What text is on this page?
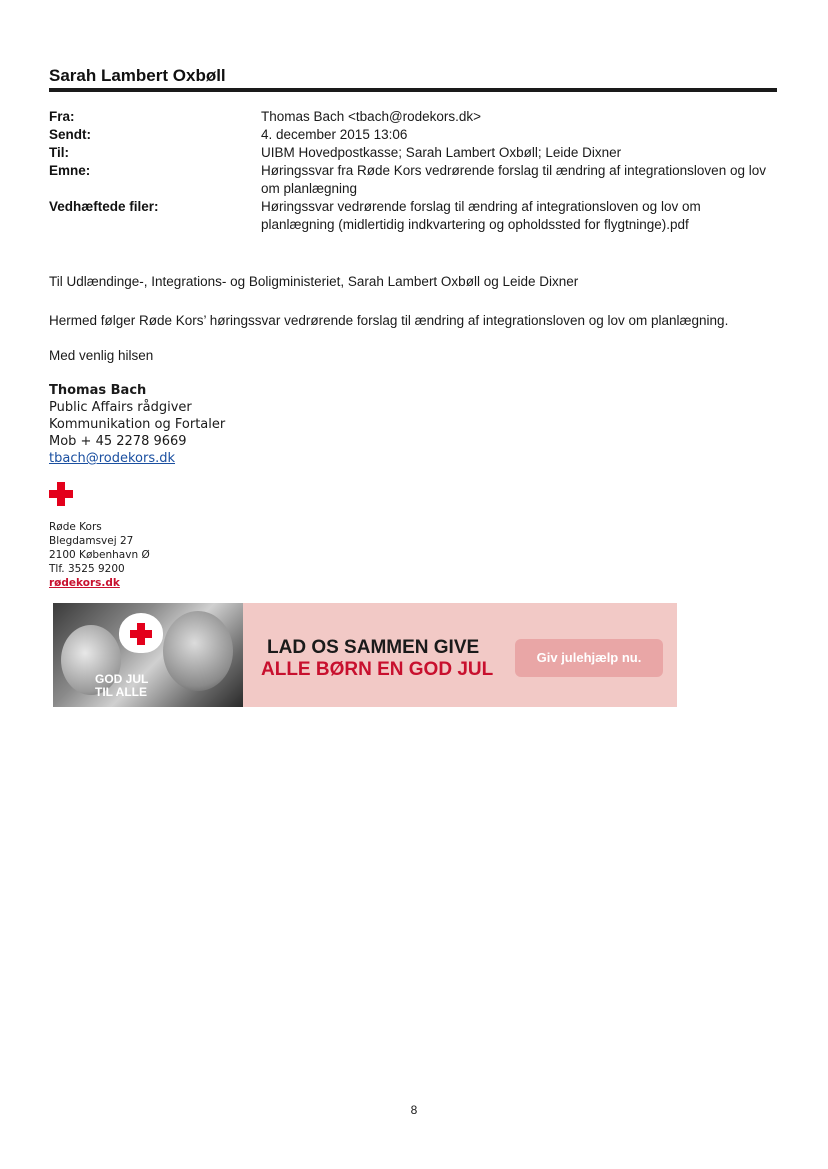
Sarah Lambert Oxbøll
Fra:	Thomas Bach <tbach@rodekors.dk>
Sendt:	4. december 2015 13:06
Til:	UIBM Hovedpostkasse; Sarah Lambert Oxbøll; Leide Dixner
Emne:	Høringssvar fra Røde Kors vedrørende forslag til ændring af integrationsloven og lov om planlægning
Vedhæftede filer:	Høringssvar vedrørende forslag til ændring af integrationsloven og lov om planlægning (midlertidig indkvartering og opholdssted for flygtninge).pdf
Til Udlændinge-, Integrations- og Boligministeriet, Sarah Lambert Oxbøll og Leide Dixner
Hermed følger Røde Kors’ høringssvar vedrørende forslag til ændring af integrationsloven og lov om planlægning.
Med venlig hilsen
Thomas Bach
Public Affairs rådgiver
Kommunikation og Fortaler
Mob + 45 2278 9669
tbach@rodekors.dk
Røde Kors
Blegdamsvej 27
2100 København Ø
Tlf. 3525 9200
rødekors.dk
GOD JUL
TIL ALLE
LAD OS SAMMEN GIVE
ALLE BØRN EN GOD JUL
Giv julehjælp nu.
8
